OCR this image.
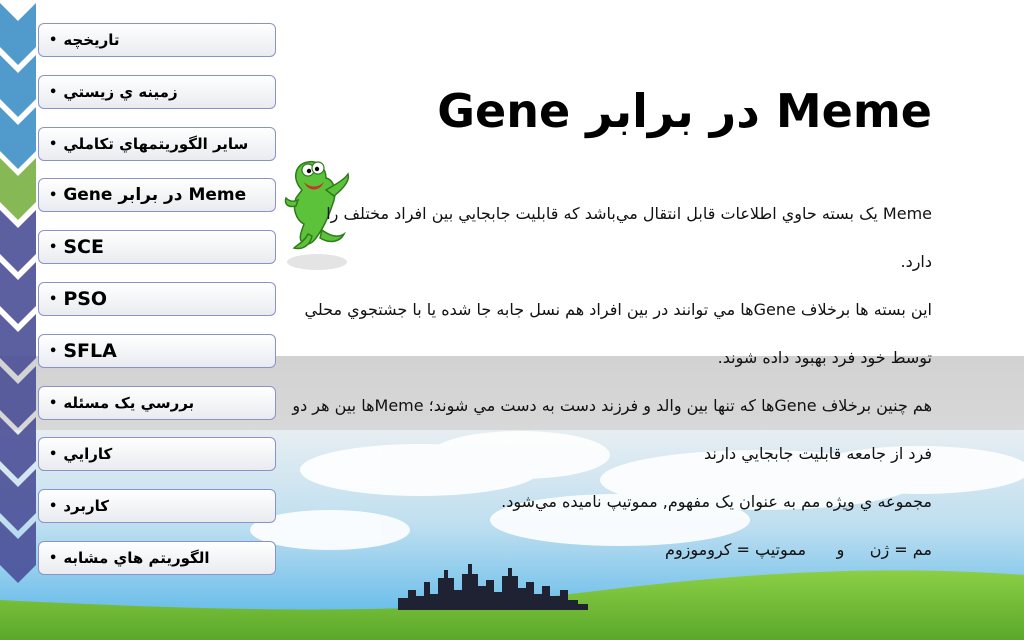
• تاريخچه
• زمينه ي زيستي
• ساير الگوريتمهاي تکاملي
• Gene در برابر Meme
• SCE
• PSO
• SFLA
• بررسي يک مسئله
• کارايي
• کاربرد
• الگوريتم هاي مشابه
Gene در برابر Meme

Meme یک بسته حاوي اطلاعات قابل انتقال مي‌باشد که قابليت جابجايي بين افراد مختلف را دارد.

اين بسته ها برخلاف Geneها مي توانند در بين افراد هم نسل جابه جا شده يا با جشتجوي محلي توسط خود فرد بهبود داده شوند.

هم چنين برخلاف Geneها که تنها بين والد و فرزند دست به دست مي شوند؛ Memeها بين هر دو فرد از جامعه قابليت جابجايي دارند

مجموعه ي ويژه مم به عنوان يک مفهوم, مموتيپ ناميده مي‌شود.

مم = ژن     و      مموتيپ = کروموزوم
